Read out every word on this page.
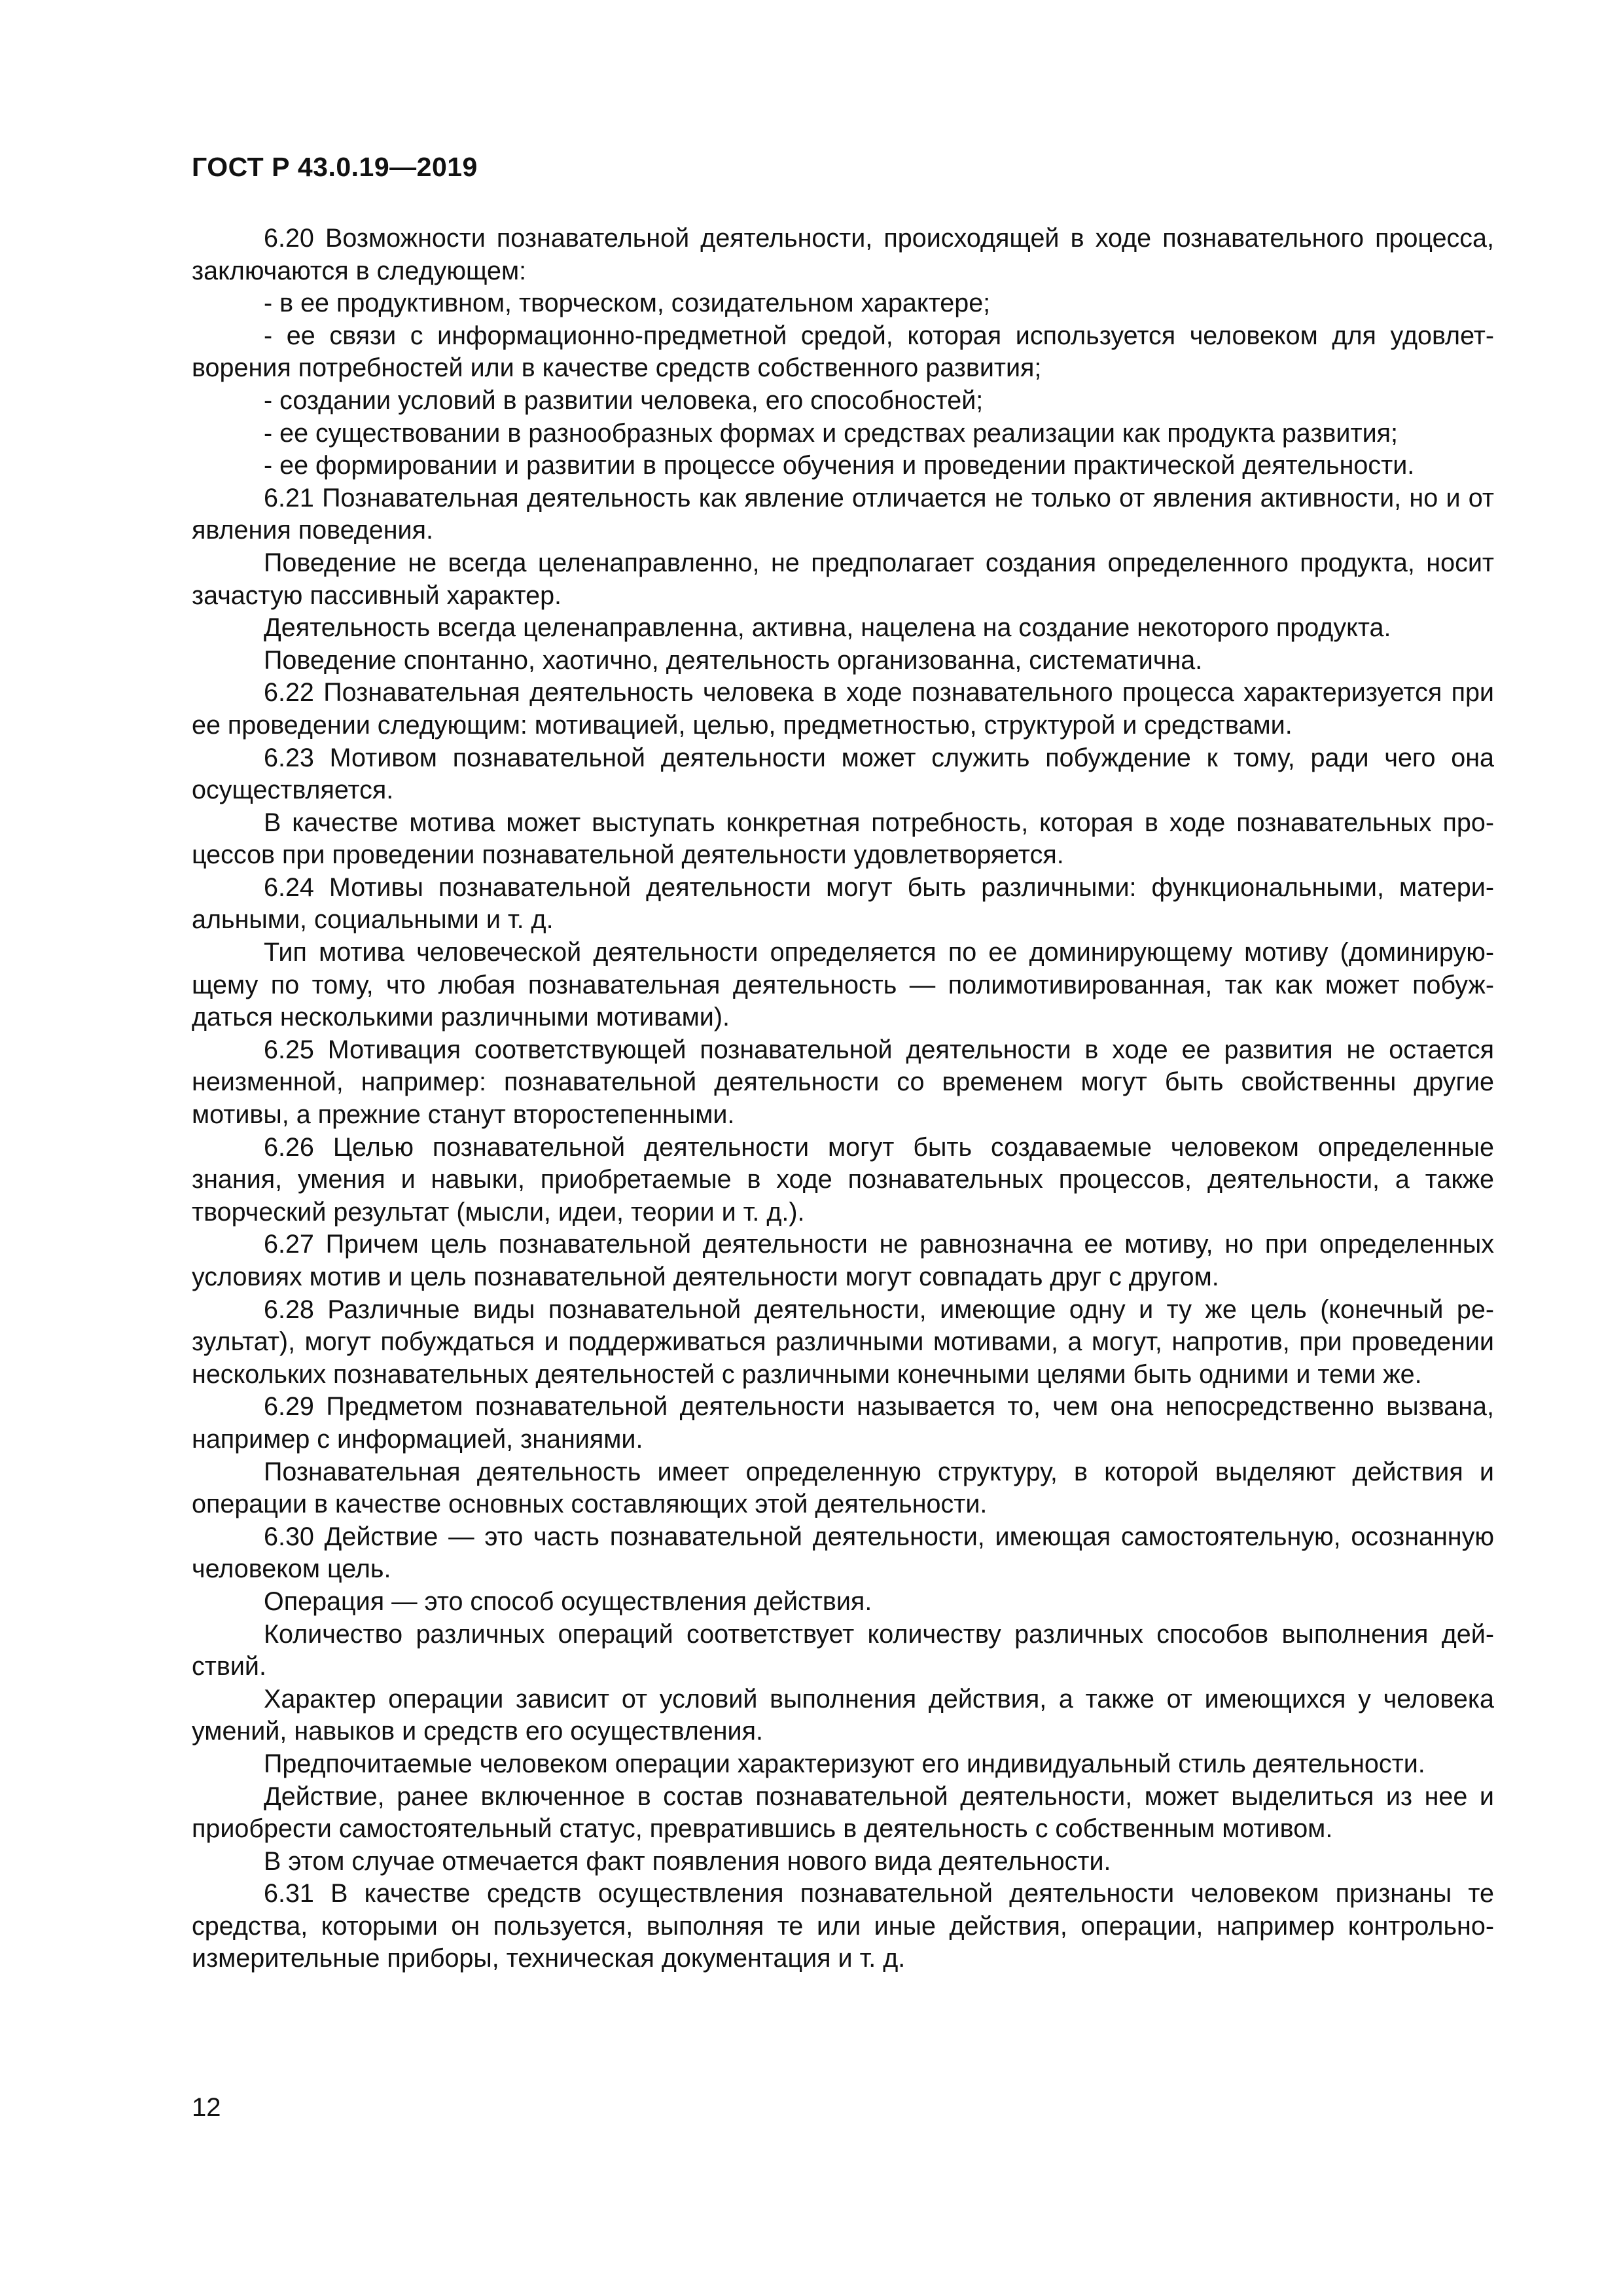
ГОСТ Р 43.0.19—2019

6.20 Возможности познавательной деятельности, происходящей в ходе познавательного процесса, заключаются в следующем:

- в ее продуктивном, творческом, созидательном характере;

- ее связи с информационно-предметной средой, которая используется человеком для удовлетворения потребностей или в качестве средств собственного развития;

- создании условий в развитии человека, его способностей;

- ее существовании в разнообразных формах и средствах реализации как продукта развития;

- ее формировании и развитии в процессе обучения и проведении практической деятельности.

6.21 Познавательная деятельность как явление отличается не только от явления активности, но и от явления поведения.

Поведение не всегда целенаправленно, не предполагает создания определенного продукта, носит зачастую пассивный характер.

Деятельность всегда целенаправленна, активна, нацелена на создание некоторого продукта.

Поведение спонтанно, хаотично, деятельность организованна, систематична.

6.22 Познавательная деятельность человека в ходе познавательного процесса характеризуется при ее проведении следующим: мотивацией, целью, предметностью, структурой и средствами.

6.23 Мотивом познавательной деятельности может служить побуждение к тому, ради чего она осуществляется.

В качестве мотива может выступать конкретная потребность, которая в ходе познавательных процессов при проведении познавательной деятельности удовлетворяется.

6.24 Мотивы познавательной деятельности могут быть различными: функциональными, материальными, социальными и т. д.

Тип мотива человеческой деятельности определяется по ее доминирующему мотиву (доминирующему по тому, что любая познавательная деятельность — полимотивированная, так как может побуждаться несколькими различными мотивами).

6.25 Мотивация соответствующей познавательной деятельности в ходе ее развития не остается неизменной, например: познавательной деятельности со временем могут быть свойственны другие мотивы, а прежние станут второстепенными.

6.26 Целью познавательной деятельности могут быть создаваемые человеком определенные знания, умения и навыки, приобретаемые в ходе познавательных процессов, деятельности, а также творческий результат (мысли, идеи, теории и т. д.).

6.27 Причем цель познавательной деятельности не равнозначна ее мотиву, но при определенных условиях мотив и цель познавательной деятельности могут совпадать друг с другом.

6.28 Различные виды познавательной деятельности, имеющие одну и ту же цель (конечный результат), могут побуждаться и поддерживаться различными мотивами, а могут, напротив, при проведении нескольких познавательных деятельностей с различными конечными целями быть одними и теми же.

6.29 Предметом познавательной деятельности называется то, чем она непосредственно вызвана, например с информацией, знаниями.

Познавательная деятельность имеет определенную структуру, в которой выделяют действия и операции в качестве основных составляющих этой деятельности.

6.30 Действие — это часть познавательной деятельности, имеющая самостоятельную, осознанную человеком цель.

Операция — это способ осуществления действия.

Количество различных операций соответствует количеству различных способов выполнения действий.

Характер операции зависит от условий выполнения действия, а также от имеющихся у человека умений, навыков и средств его осуществления.

Предпочитаемые человеком операции характеризуют его индивидуальный стиль деятельности.

Действие, ранее включенное в состав познавательной деятельности, может выделиться из нее и приобрести самостоятельный статус, превратившись в деятельность с собственным мотивом.

В этом случае отмечается факт появления нового вида деятельности.

6.31 В качестве средств осуществления познавательной деятельности человеком признаны те средства, которыми он пользуется, выполняя те или иные действия, операции, например контрольно-измерительные приборы, техническая документация и т. д.

12
